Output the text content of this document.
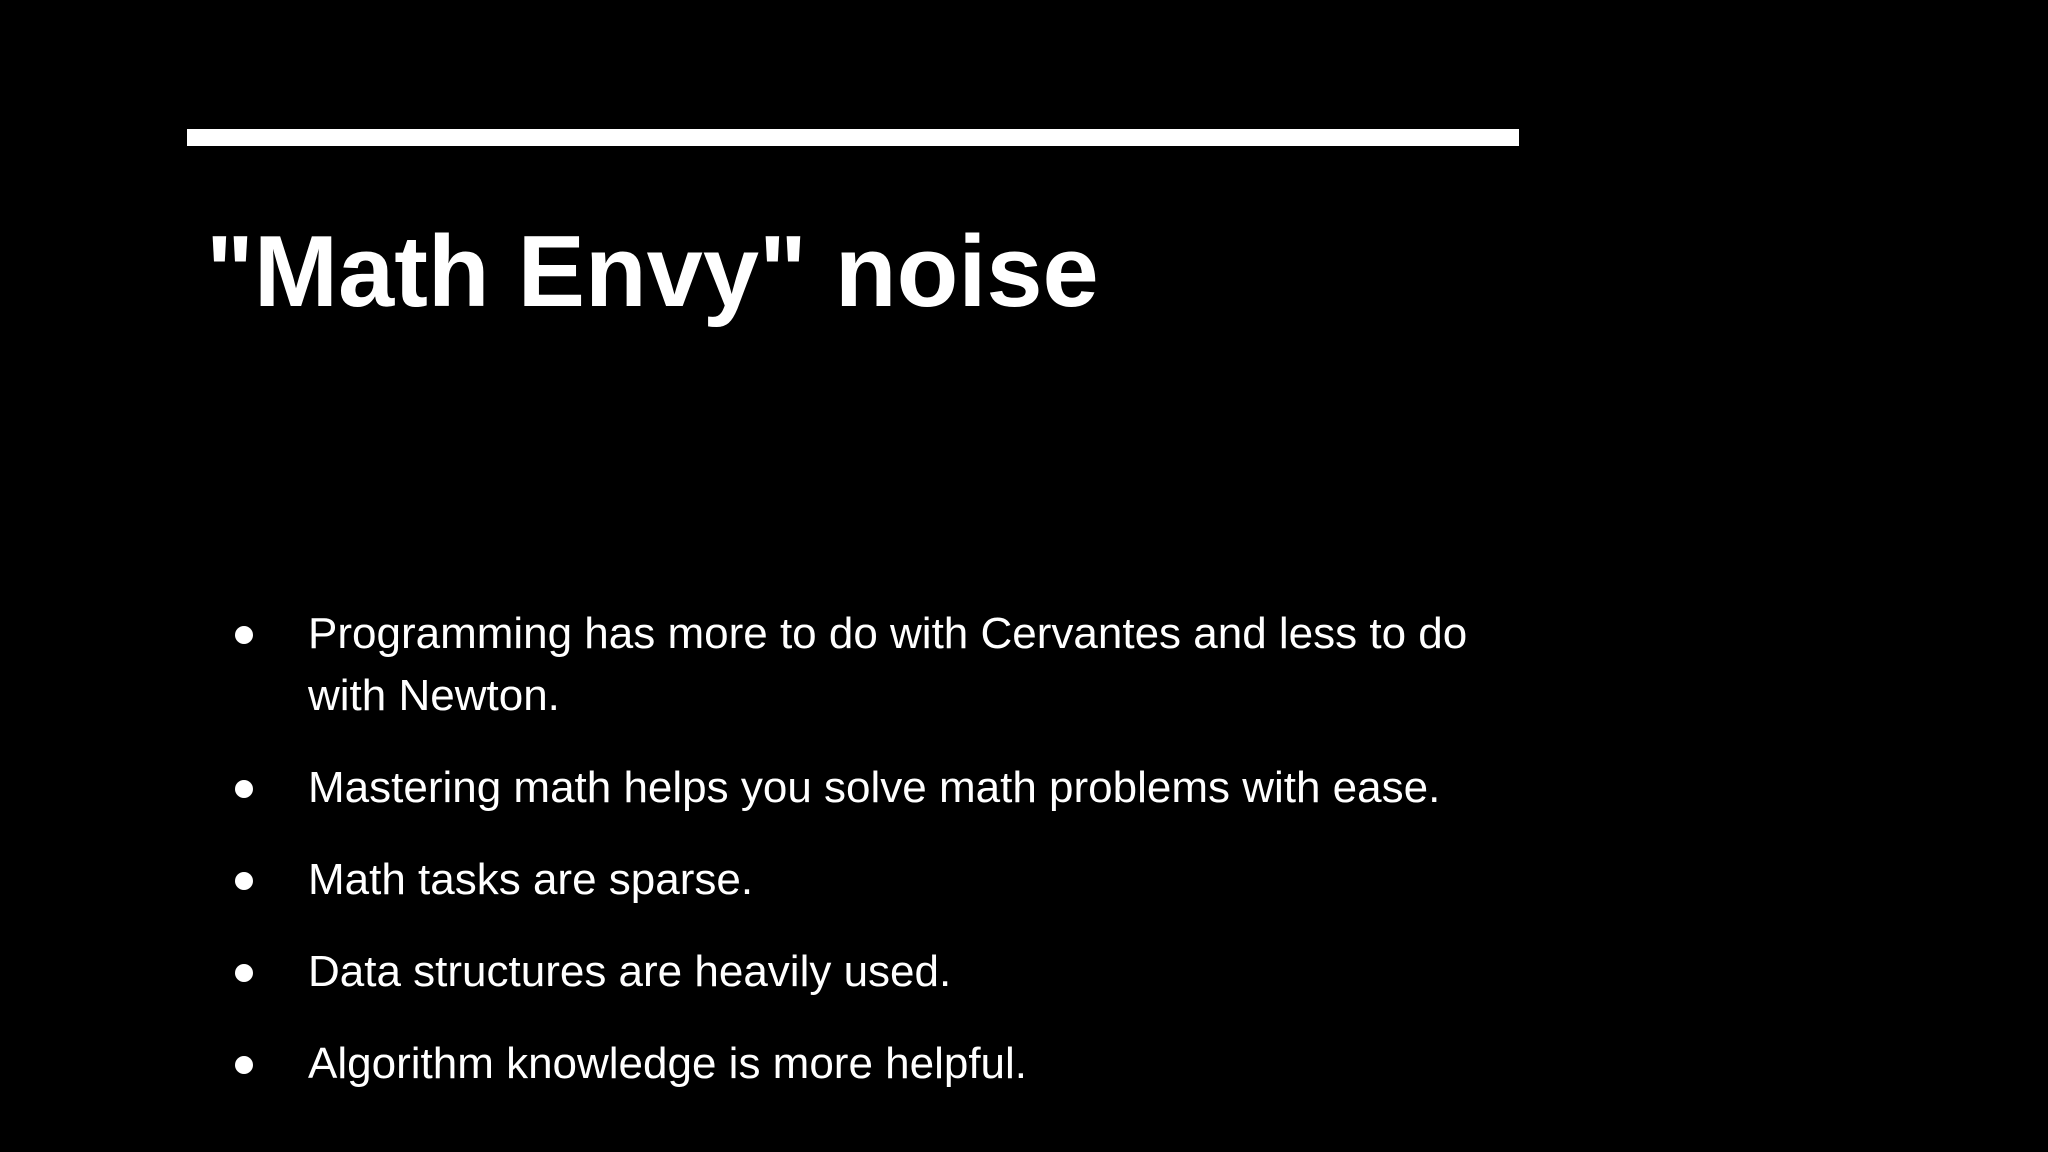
"Math Envy" noise
Programming has more to do with Cervantes and less to do with Newton.
Mastering math helps you solve math problems with ease.
Math tasks are sparse.
Data structures are heavily used.
Algorithm knowledge is more helpful.
